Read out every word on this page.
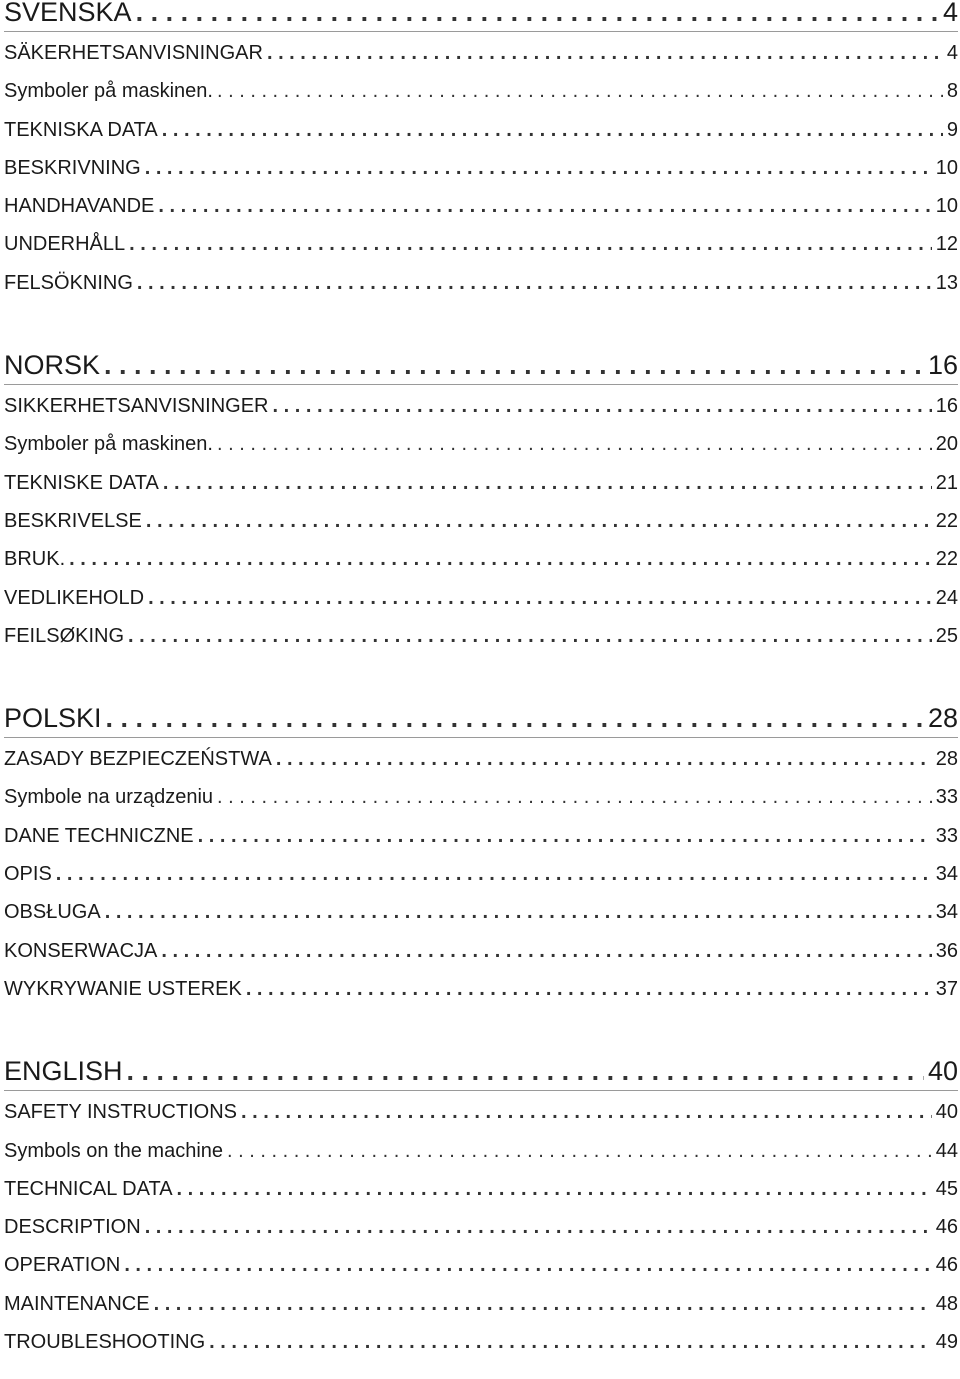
SVENSKA . . .	4
SÄKERHETSANVISNINGAR . . .	4
Symboler på maskinen. . . .	8
TEKNISKA DATA . . .	9
BESKRIVNING . . .	10
HANDHAVANDE . . .	10
UNDERHÅLL . . .	12
FELSÖKNING . . .	13
NORSK . . .	16
SIKKERHETSANVISNINGER . . .	16
Symboler på maskinen. . . .	20
TEKNISKE DATA . . .	21
BESKRIVELSE . . .	22
BRUK. . . .	22
VEDLIKEHOLD . . .	24
FEILSØKING . . .	25
POLSKI . . .	28
ZASADY BEZPIECZEŃSTWA . . .	28
Symbole na urządzeniu . . .	33
DANE TECHNICZNE . . .	33
OPIS . . .	34
OBSŁUGA . . .	34
KONSERWACJA . . .	36
WYKRYWANIE USTEREK . . .	37
ENGLISH . . .	40
SAFETY INSTRUCTIONS . . .	40
Symbols on the machine . . .	44
TECHNICAL DATA . . .	45
DESCRIPTION . . .	46
OPERATION . . .	46
MAINTENANCE . . .	48
TROUBLESHOOTING . . .	49
